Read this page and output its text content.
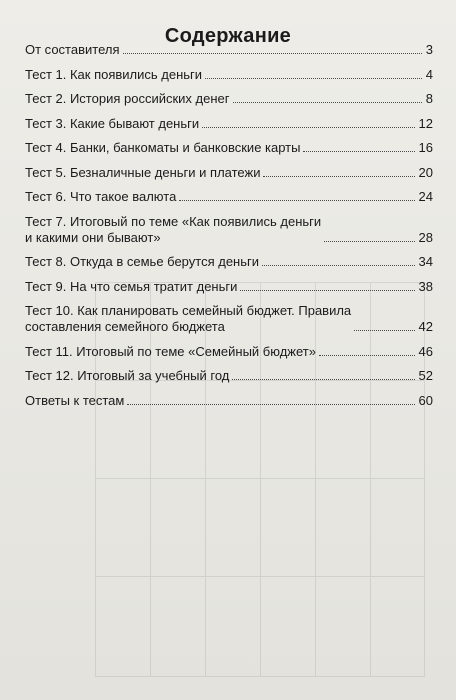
Содержание
От составителя	3
Тест 1. Как появились деньги	4
Тест 2. История российских денег	8
Тест 3. Какие бывают деньги	12
Тест 4. Банки, банкоматы и банковские карты	16
Тест 5. Безналичные деньги и платежи	20
Тест 6. Что такое валюта	24
Тест 7. Итоговый по теме «Как появились деньги
и какими они бывают»	28
Тест 8. Откуда в семье берутся деньги	34
Тест 9. На что семья тратит деньги	38
Тест 10. Как планировать семейный бюджет. Правила
составления семейного бюджета	42
Тест 11. Итоговый по теме «Семейный бюджет»	46
Тест 12. Итоговый за учебный год	52
Ответы к тестам	60
